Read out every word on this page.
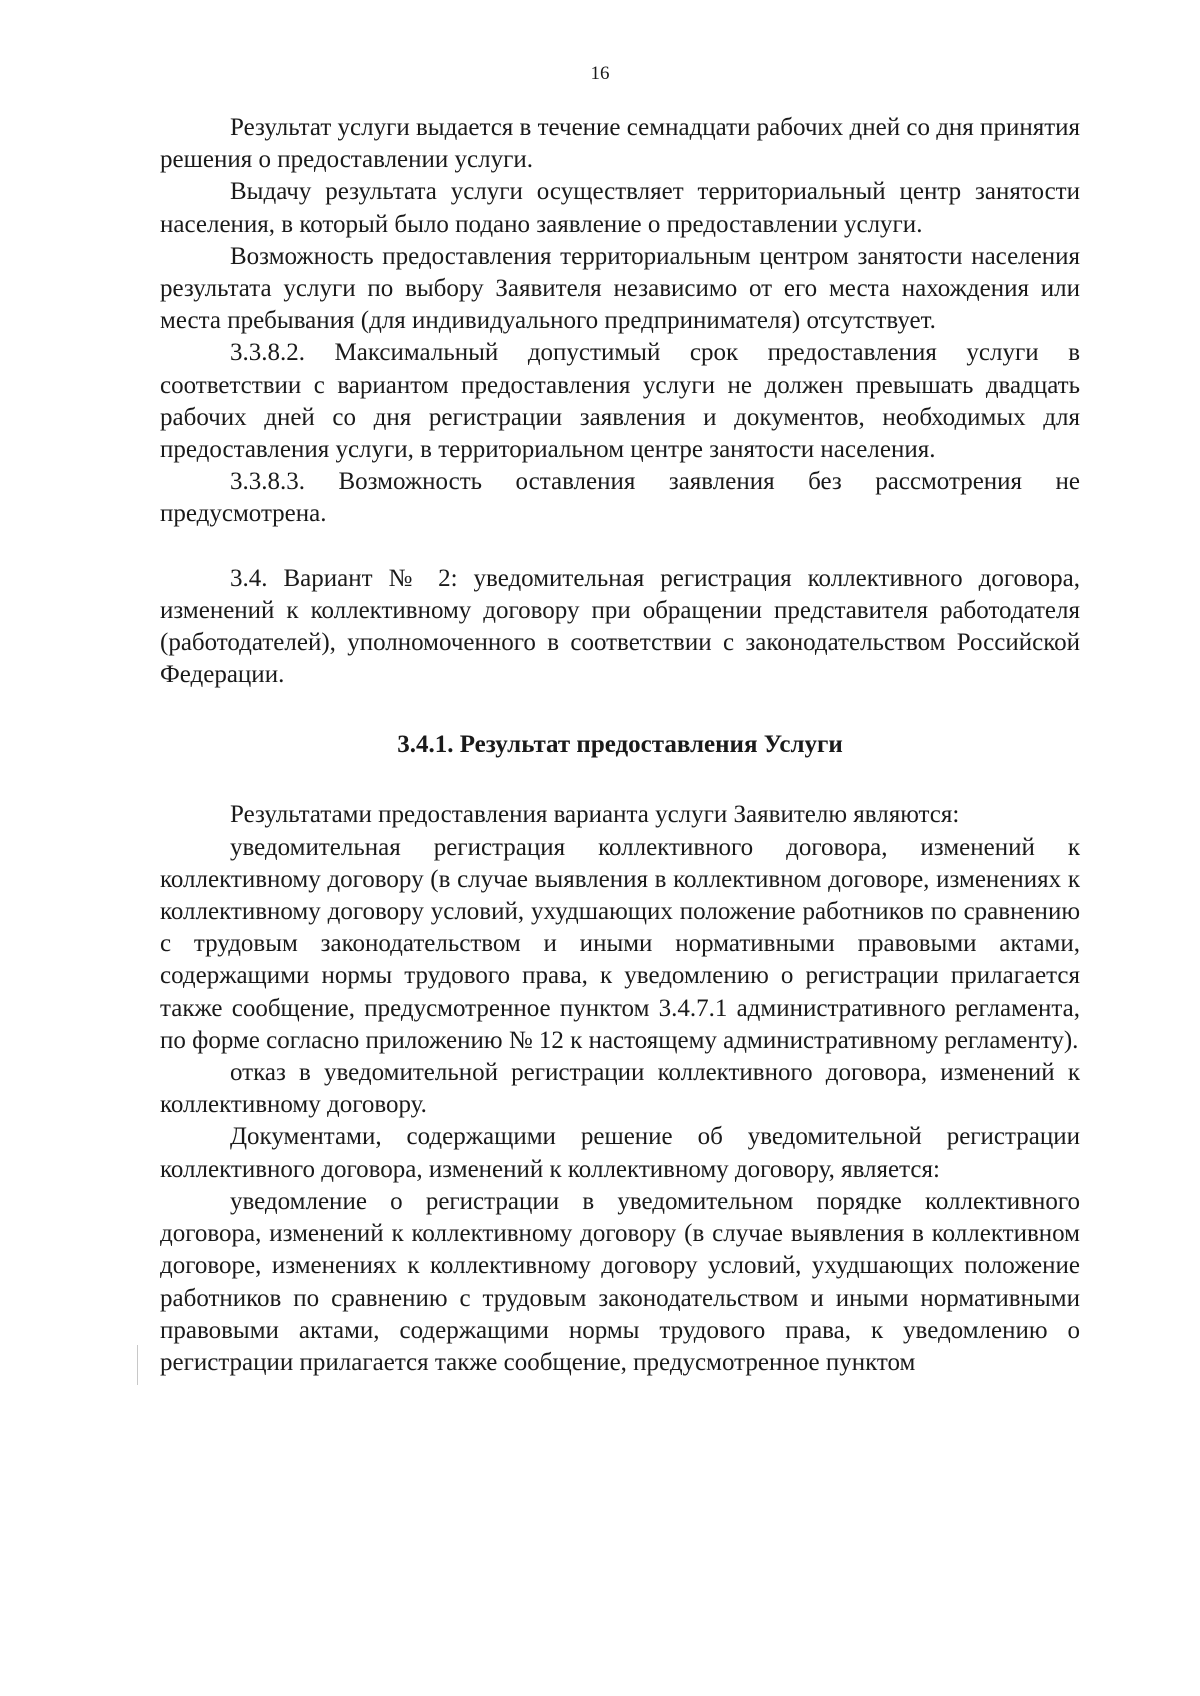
16

Результат услуги выдается в течение семнадцати рабочих дней со дня принятия решения о предоставлении услуги.

Выдачу результата услуги осуществляет территориальный центр занятости населения, в который было подано заявление о предоставлении услуги.

Возможность предоставления территориальным центром занятости населения результата услуги по выбору Заявителя независимо от его места нахождения или места пребывания (для индивидуального предпринимателя) отсутствует.

3.3.8.2. Максимальный допустимый срок предоставления услуги в соответствии с вариантом предоставления услуги не должен превышать двадцать рабочих дней со дня регистрации заявления и документов, необходимых для предоставления услуги, в территориальном центре занятости населения.

3.3.8.3. Возможность оставления заявления без рассмотрения не предусмотрена.

3.4. Вариант № 2: уведомительная регистрация коллективного договора, изменений к коллективному договору при обращении представителя работодателя (работодателей), уполномоченного в соответствии с законодательством Российской Федерации.

3.4.1. Результат предоставления Услуги

Результатами предоставления варианта услуги Заявителю являются:

уведомительная регистрация коллективного договора, изменений к коллективному договору (в случае выявления в коллективном договоре, изменениях к коллективному договору условий, ухудшающих положение работников по сравнению с трудовым законодательством и иными нормативными правовыми актами, содержащими нормы трудового права, к уведомлению о регистрации прилагается также сообщение, предусмотренное пунктом 3.4.7.1 административного регламента, по форме согласно приложению № 12 к настоящему административному регламенту).

отказ в уведомительной регистрации коллективного договора, изменений к коллективному договору.

Документами, содержащими решение об уведомительной регистрации коллективного договора, изменений к коллективному договору, является:

уведомление о регистрации в уведомительном порядке коллективного договора, изменений к коллективному договору (в случае выявления в коллективном договоре, изменениях к коллективному договору условий, ухудшающих положение работников по сравнению с трудовым законодательством и иными нормативными правовыми актами, содержащими нормы трудового права, к уведомлению о регистрации прилагается также сообщение, предусмотренное пунктом
